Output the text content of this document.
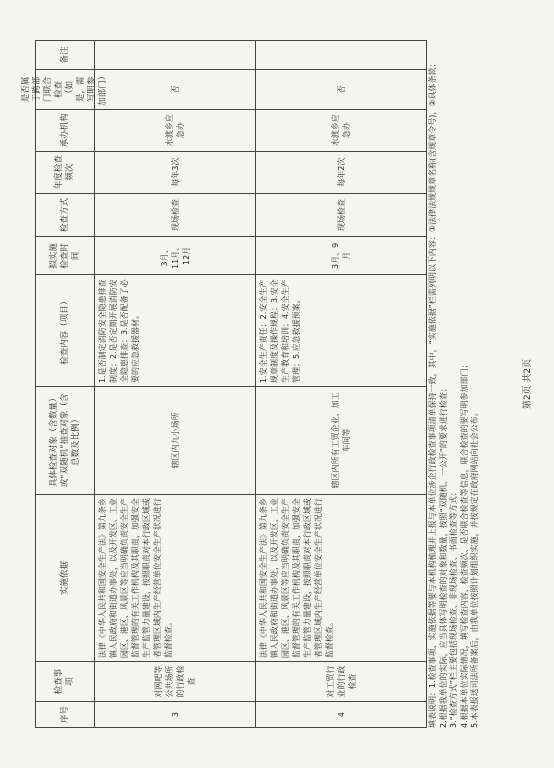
序号
检查事项
实施依据
具体检查对象（含数量）或“双随机”抽查对象（含总数及比例）
检查内容（项目）
拟实施检查时间
检查方式
年度检查频次
承办机构
是否属于跨部门联合检查（如是，需写明参加部门）
备注
3
对网吧等公共场所的行政检查
法律《中华人民共和国安全生产法》第九条乡镇人民政府和街道办事处，以及开发区、工业园区、港区、风景区等应当明确负责安全生产监督管理的有关工作机构及其职责，加强安全生产监管力量建设，按照职责对本行政区域或者管理区域内生产经营单位安全生产状况进行监督检查。
辖区内九小场所
1.是否制定消防安全隐患排查制度；2.是否定期开展消防安全隐患排查；3.是否配备了必要的应急救援器材。
3月、11月、12月
现场检查
每年3次
水渡乡应急办
否
4
对工贸行业的行政检查
法律《中华人民共和国安全生产法》第九条乡镇人民政府和街道办事处，以及开发区、工业园区、港区、风景区等应当明确负责安全生产监督管理的有关工作机构及其职责，加强安全生产监管力量建设，按照职责对本行政区域或者管理区域内生产经营单位安全生产状况进行监督检查。
辖区内所有工贸企业、加工车间等
1.安全生产责任；2.安全生产规章制度及操作规程；3.安全生产教育和培训；4.安全生产管理；5.应急救援预案。
3月、9月
现场检查
每年2次
水渡乡应急办
否	填表说明：1.检查事项、实施依据等要与本机构梳理并上报与本单位涉企行政检查事项清单保持一致，其中，“实施依据”栏需列明以下内容：①法律法规规章名称(含规章令号)，②具体条款； 2.根据我单位的实际，应当具体写明检查的对象和数量，按照“双随机、一公开”的要求进行检查； 3.“检查方式”栏主要包括现场检查、非现场检查、书面检查等方式； 4.根据本单位实际情况，填写检查内容、检查频次、是否联合检查等信息，联合检查的要写明参加部门； 5.本表报送司法所备案后，由我单位按照计划组织实施，并按规定在政府网站向社会公布。
第2页 共2页
